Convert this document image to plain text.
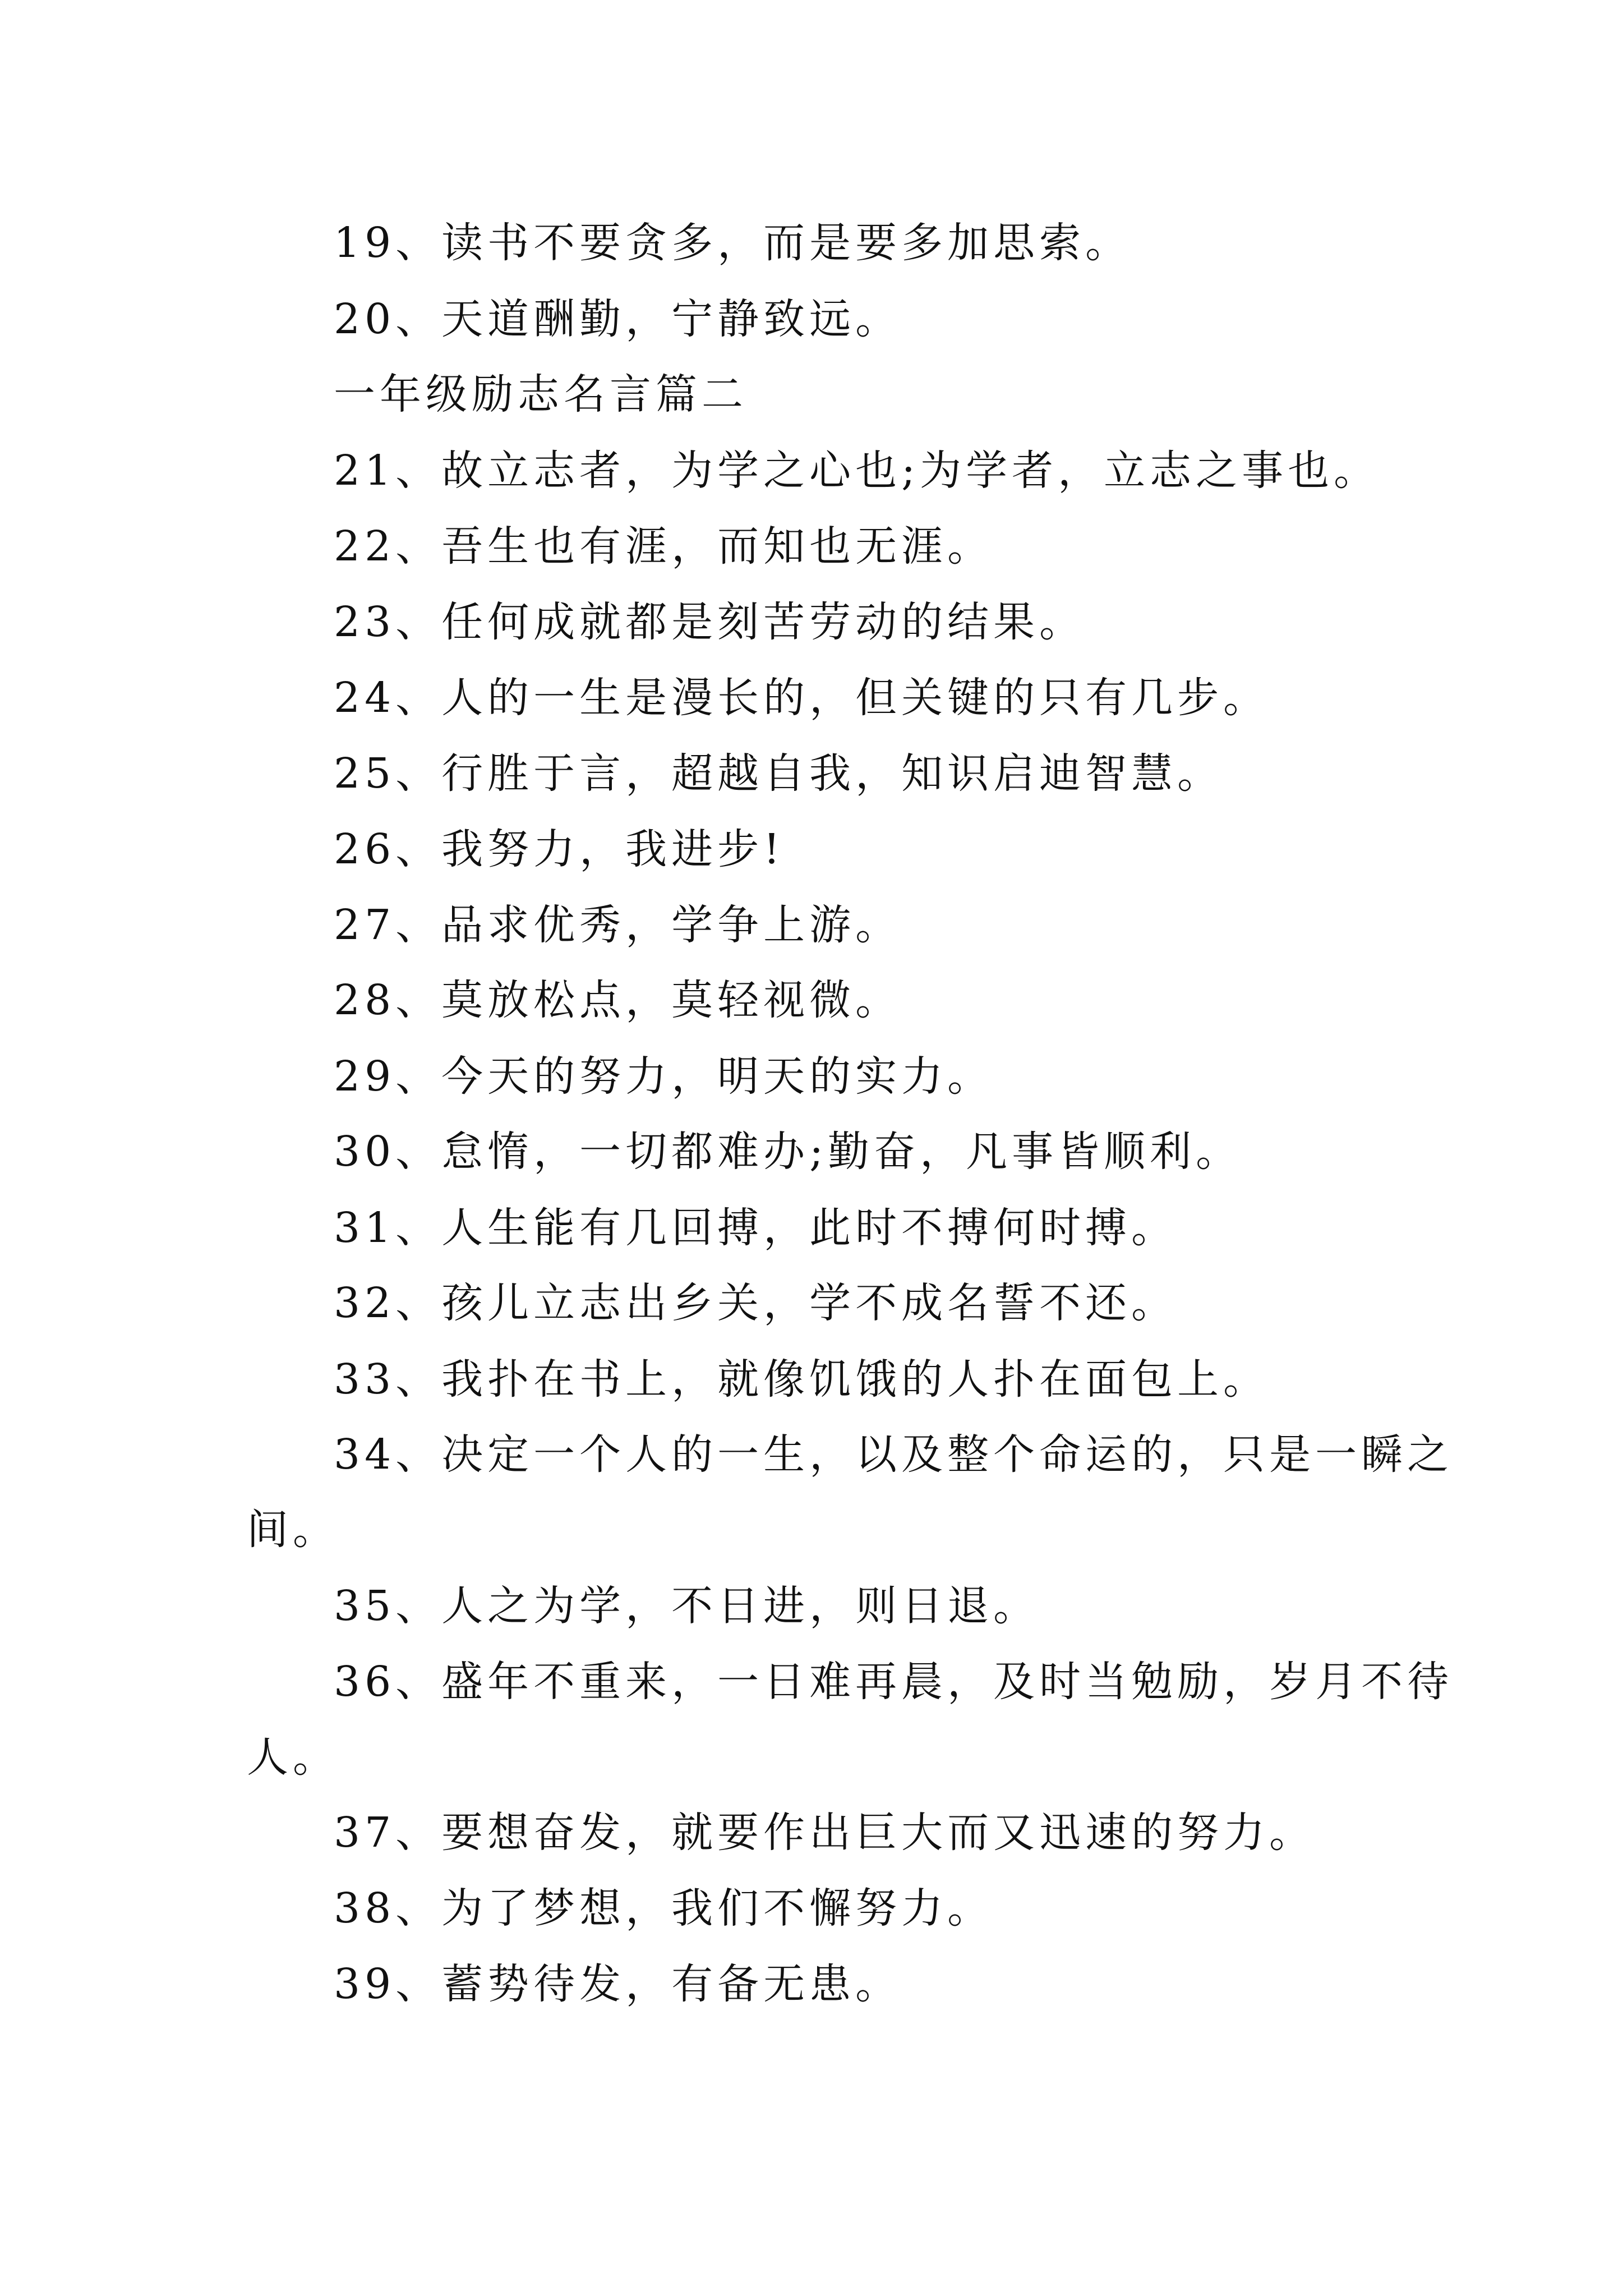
19、读书不要贪多，而是要多加思索。
20、天道酬勤，宁静致远。
一年级励志名言篇二
21、故立志者，为学之心也;为学者，立志之事也。
22、吾生也有涯，而知也无涯。
23、任何成就都是刻苦劳动的结果。
24、人的一生是漫长的，但关键的只有几步。
25、行胜于言，超越自我，知识启迪智慧。
26、我努力，我进步!
27、品求优秀，学争上游。
28、莫放松点，莫轻视微。
29、今天的努力，明天的实力。
30、怠惰，一切都难办;勤奋，凡事皆顺利。
31、人生能有几回搏，此时不搏何时搏。
32、孩儿立志出乡关，学不成名誓不还。
33、我扑在书上，就像饥饿的人扑在面包上。
34、决定一个人的一生，以及整个命运的，只是一瞬之
间。
35、人之为学，不日进，则日退。
36、盛年不重来，一日难再晨，及时当勉励，岁月不待
人。
37、要想奋发，就要作出巨大而又迅速的努力。
38、为了梦想，我们不懈努力。
39、蓄势待发，有备无患。
